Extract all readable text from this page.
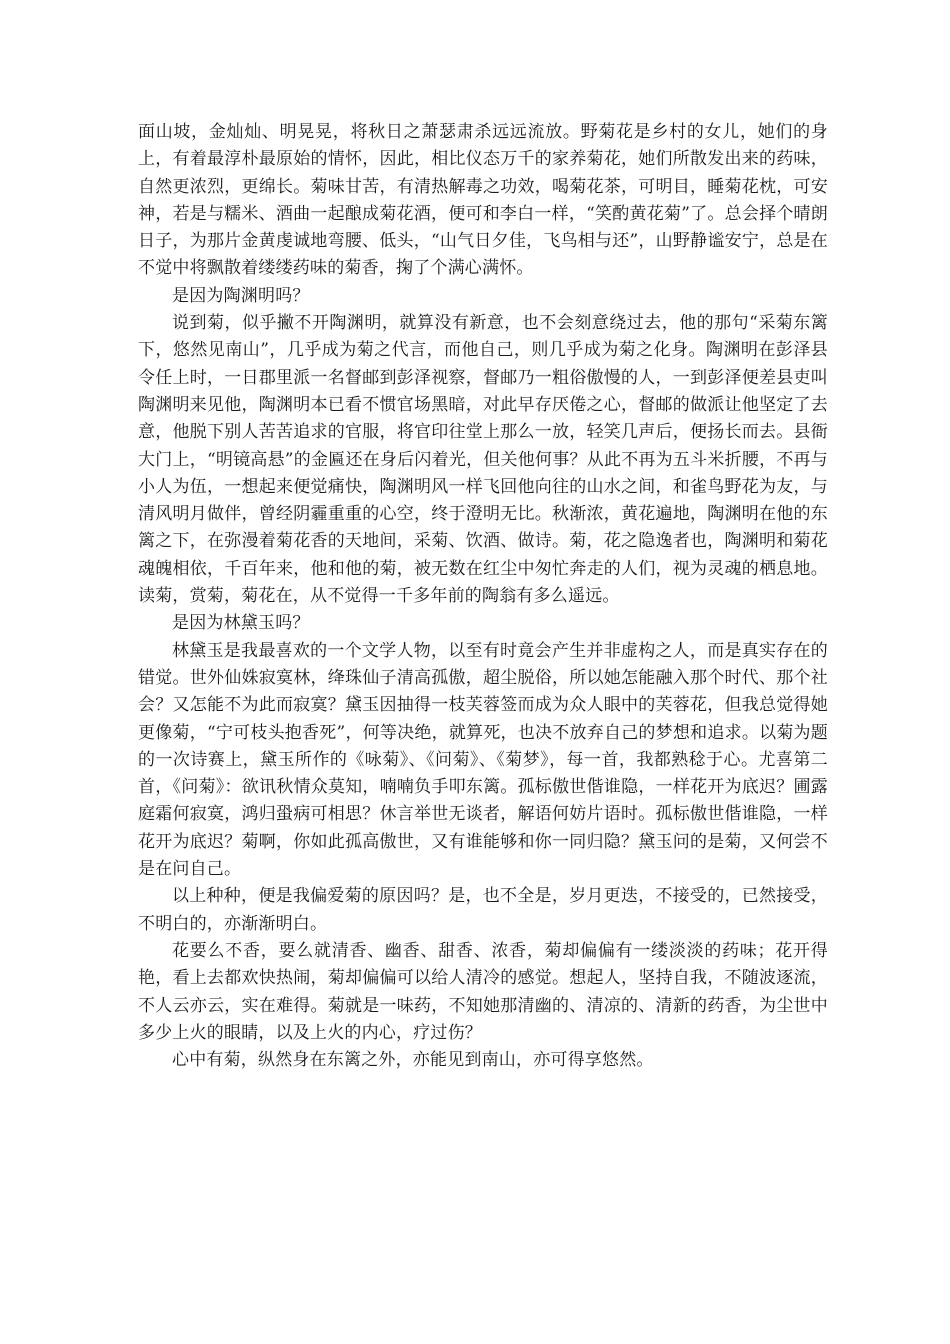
面山坡，金灿灿、明晃晃，将秋日之萧瑟肃杀远远流放。野菊花是乡村的女儿，她们的身上，有着最淳朴最原始的情怀，因此，相比仪态万千的家养菊花，她们所散发出来的药味，自然更浓烈，更绵长。菊味甘苦，有清热解毒之功效，喝菊花茶，可明目，睡菊花枕，可安神，若是与糯米、酒曲一起酿成菊花酒，便可和李白一样，“笑酌黄花菊”了。总会择个晴朗日子，为那片金黄虔诚地弯腰、低头，“山气日夕佳，飞鸟相与还”，山野静谧安宁，总是在不觉中将飘散着缕缕药味的菊香，掬了个满心满怀。

是因为陶渊明吗？

说到菊，似乎撇不开陶渊明，就算没有新意，也不会刻意绕过去，他的那句“采菊东篱下，悠然见南山”，几乎成为菊之代言，而他自己，则几乎成为菊之化身。陶渊明在彭泽县令任上时，一日郡里派一名督邮到彭泽视察，督邮乃一粗俗傲慢的人，一到彭泽便差县吏叫陶渊明来见他，陶渊明本已看不惯官场黑暗，对此早存厌倦之心，督邮的做派让他坚定了去意，他脱下别人苦苦追求的官服，将官印往堂上那么一放，轻笑几声后，便扬长而去。县衙大门上，“明镜高悬”的金匾还在身后闪着光，但关他何事？从此不再为五斗米折腰，不再与小人为伍，一想起来便觉痛快，陶渊明风一样飞回他向往的山水之间，和雀鸟野花为友，与清风明月做伴，曾经阴霾重重的心空，终于澄明无比。秋渐浓，黄花遍地，陶渊明在他的东篱之下，在弥漫着菊花香的天地间，采菊、饮酒、做诗。菊，花之隐逸者也，陶渊明和菊花魂魄相依，千百年来，他和他的菊，被无数在红尘中匆忙奔走的人们，视为灵魂的栖息地。读菊，赏菊，菊花在，从不觉得一千多年前的陶翁有多么遥远。

是因为林黛玉吗？

林黛玉是我最喜欢的一个文学人物，以至有时竟会产生并非虚构之人，而是真实存在的错觉。世外仙姝寂寞林，绛珠仙子清高孤傲，超尘脱俗，所以她怎能融入那个时代、那个社会？又怎能不为此而寂寞？黛玉因抽得一枝芙蓉签而成为众人眼中的芙蓉花，但我总觉得她更像菊，“宁可枝头抱香死”，何等决绝，就算死，也决不放弃自己的梦想和追求。以菊为题的一次诗赛上，黛玉所作的《咏菊》、《问菊》、《菊梦》，每一首，我都熟稔于心。尤喜第二首，《问菊》：欲讯秋情众莫知，喃喃负手叩东篱。孤标傲世偕谁隐，一样花开为底迟？圃露庭霜何寂寞，鸿归蛩病可相思？休言举世无谈者，解语何妨片语时。孤标傲世偕谁隐，一样花开为底迟？菊啊，你如此孤高傲世，又有谁能够和你一同归隐？黛玉问的是菊，又何尝不是在问自己。

以上种种，便是我偏爱菊的原因吗？是，也不全是，岁月更迭，不接受的，已然接受，不明白的，亦渐渐明白。

花要么不香，要么就清香、幽香、甜香、浓香，菊却偏偏有一缕淡淡的药味；花开得艳，看上去都欢快热闹，菊却偏偏可以给人清冷的感觉。想起人，坚持自我，不随波逐流，不人云亦云，实在难得。菊就是一味药，不知她那清幽的、清凉的、清新的药香，为尘世中多少上火的眼睛，以及上火的内心，疗过伤？

心中有菊，纵然身在东篱之外，亦能见到南山，亦可得享悠然。
